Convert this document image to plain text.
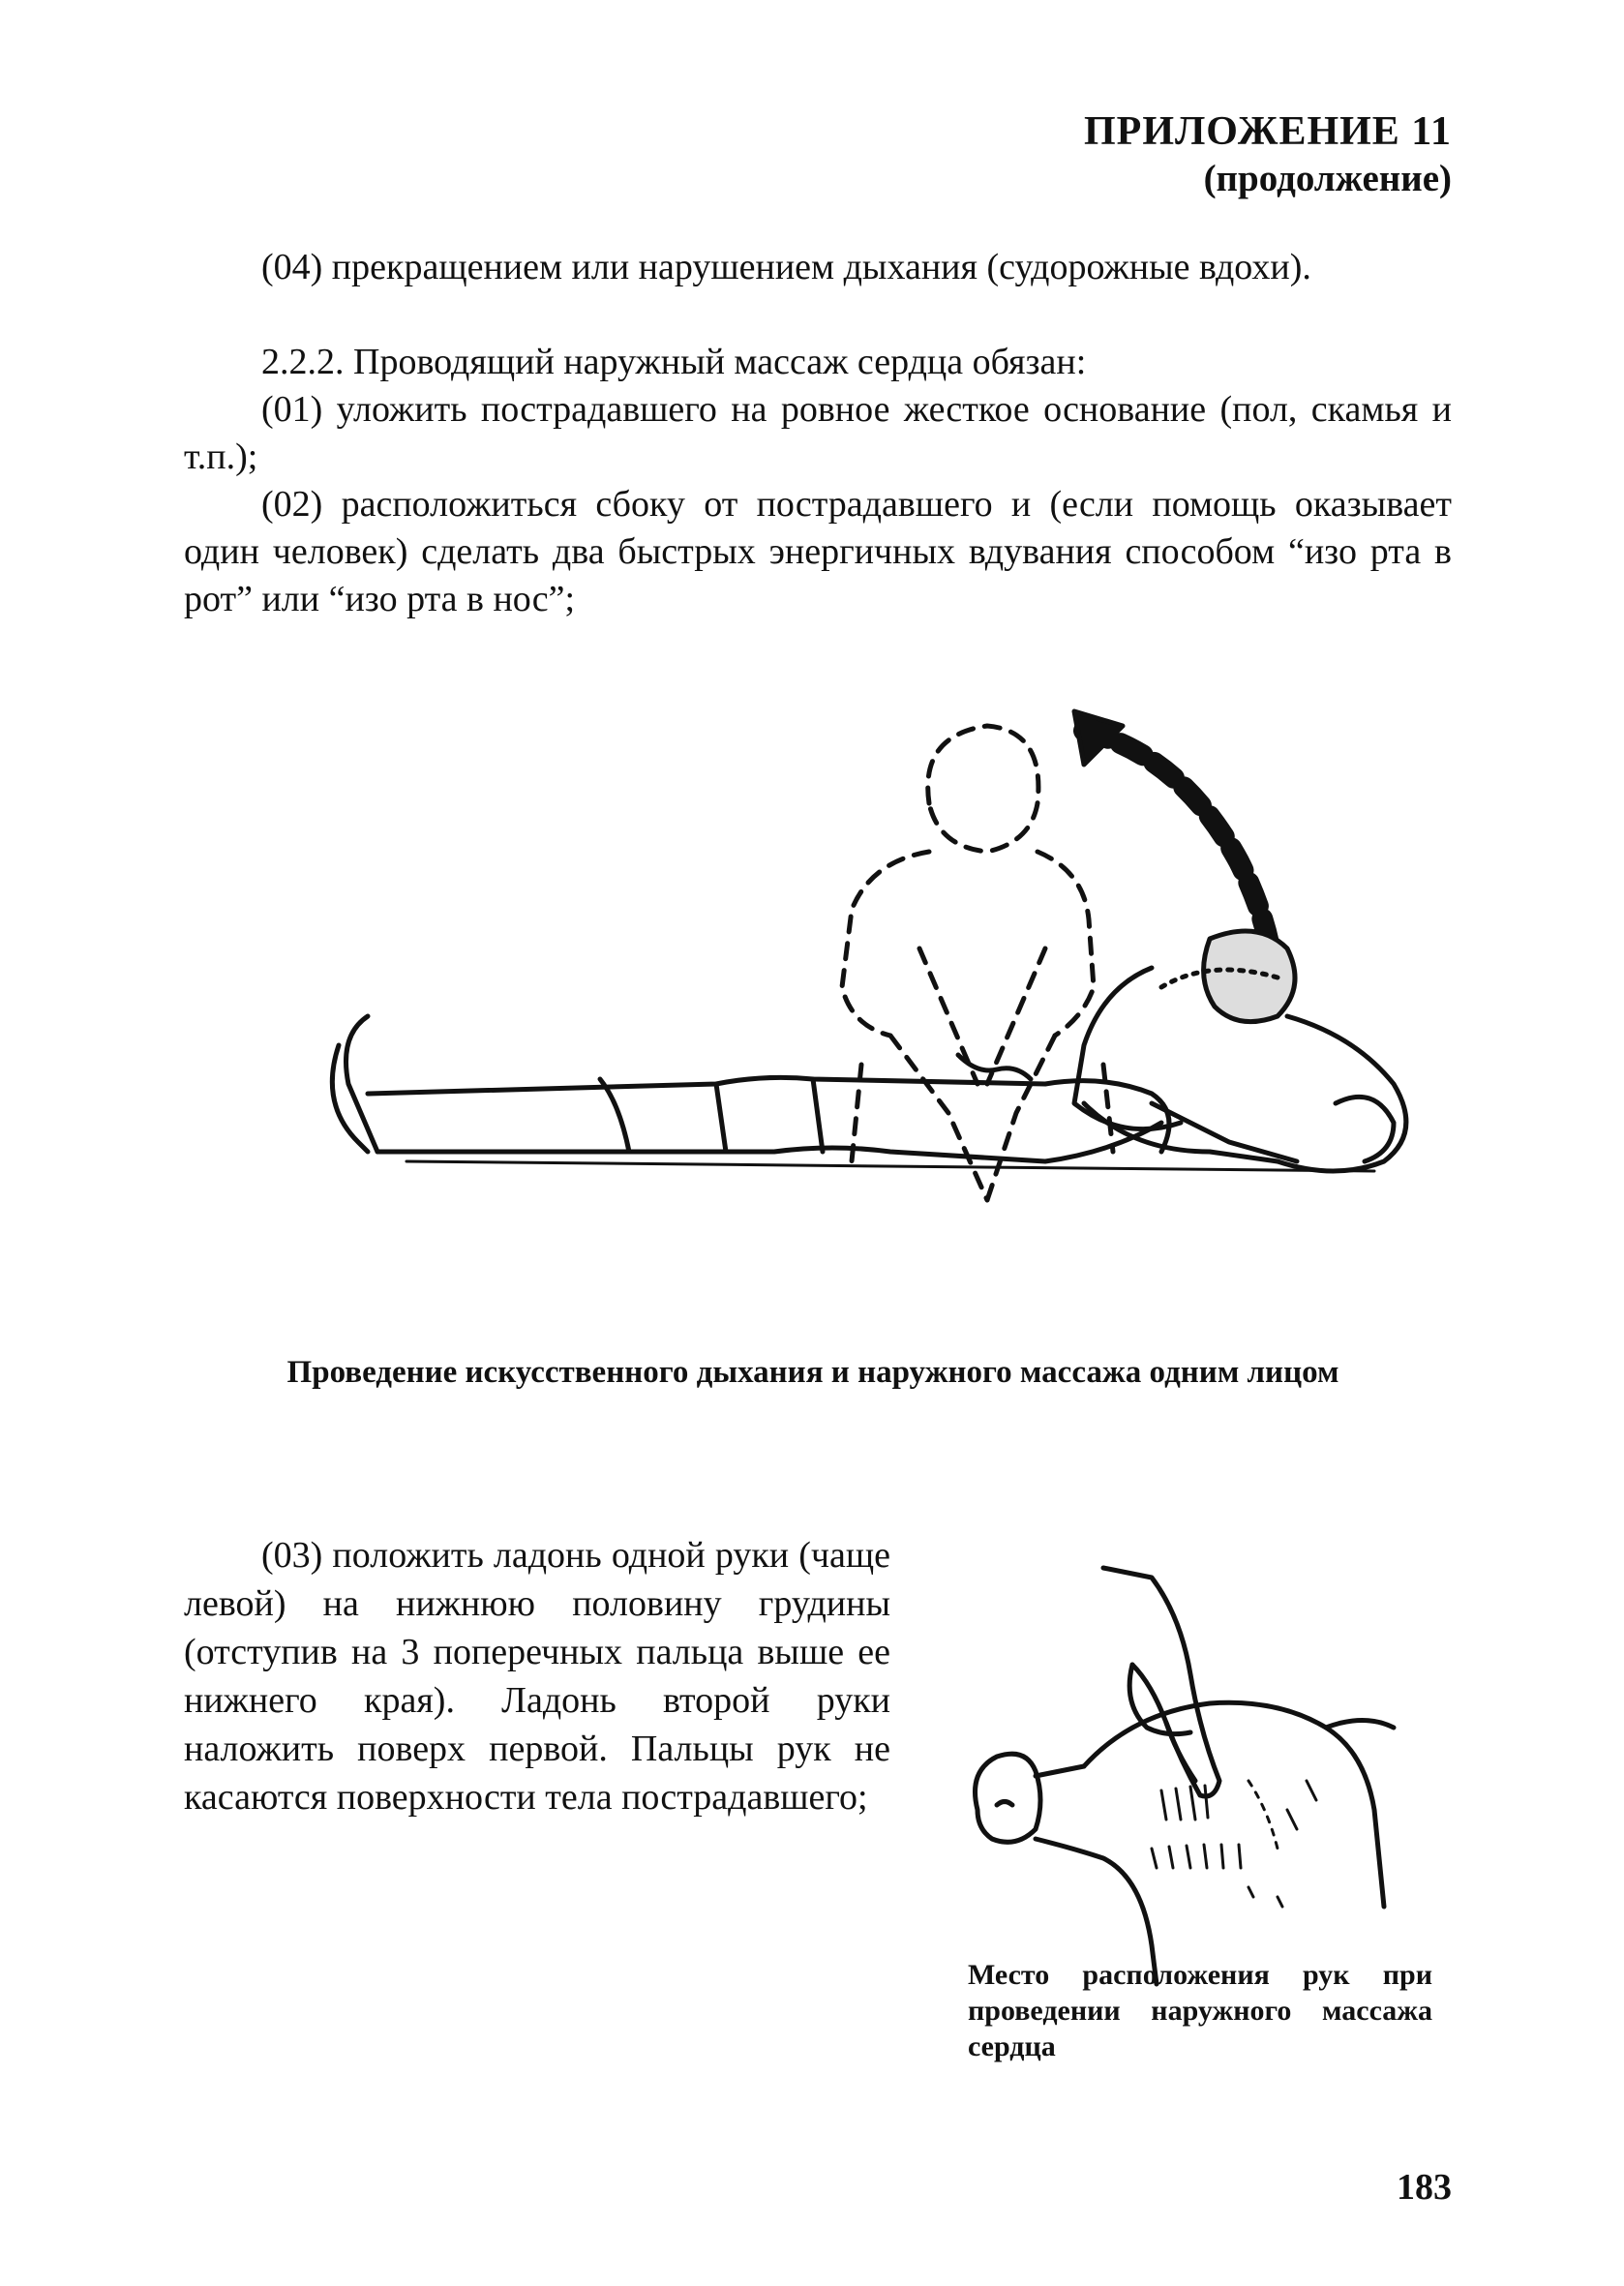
ПРИЛОЖЕНИЕ 11

(продолжение)

(04) прекращением или нарушением дыхания (судорожные вдохи).

2.2.2. Проводящий наружный массаж сердца обязан:

(01) уложить пострадавшего на ровное жесткое основание (пол, скамья и т.п.);

(02) расположиться сбоку от пострадавшего и (если помощь оказывает один человек) сделать два быстрых энергичных вдувания способом “изо рта в рот” или “изо рта в нос”;

Проведение искусственного дыхания и наружного массажа одним лицом

(03) положить ладонь одной руки (чаще левой) на нижнюю половину грудины (отступив на 3 поперечных пальца выше ее нижнего края). Ладонь второй руки наложить поверх первой. Пальцы рук не касаются поверхности тела пострадавшего;

Место расположения рук при проведении наружного массажа сердца

183
